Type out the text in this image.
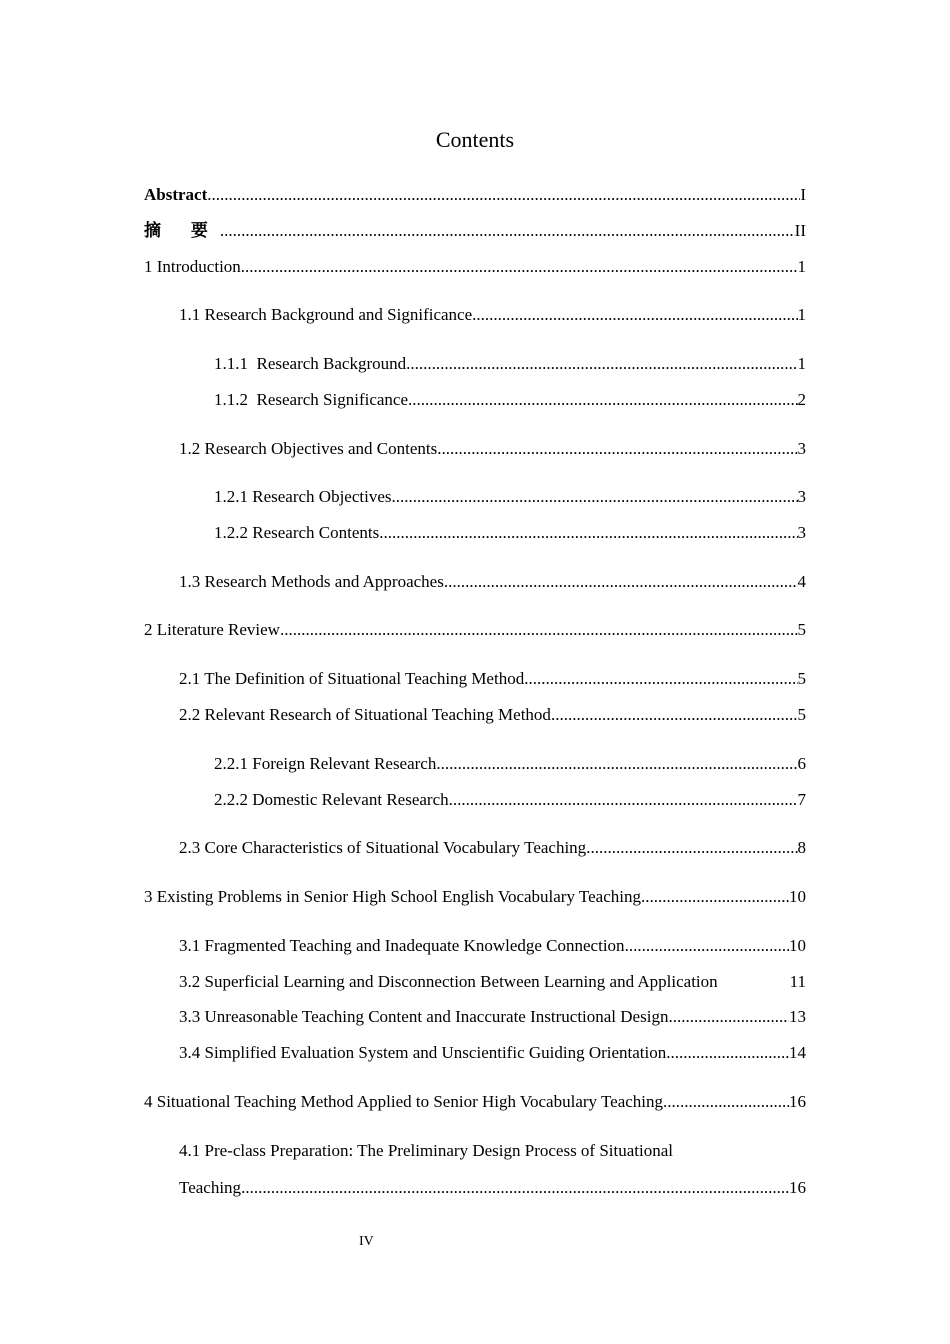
Contents
Abstract .....	I
摘 要 .....	II
1 Introduction .....	1
1.1 Research Background and Significance .....	1
1.1.1  Research Background .....	1
1.1.2  Research Significance .....	2
1.2 Research Objectives and Contents .....	3
1.2.1 Research Objectives .....	3
1.2.2 Research Contents .....	3
1.3 Research Methods and Approaches .....	4
2 Literature Review .....	5
2.1 The Definition of Situational Teaching Method .....	5
2.2 Relevant Research of Situational Teaching Method .....	5
2.2.1 Foreign Relevant Research .....	6
2.2.2 Domestic Relevant Research .....	7
2.3 Core Characteristics of Situational Vocabulary Teaching .....	8
3 Existing Problems in Senior High School English Vocabulary Teaching .....	10
3.1 Fragmented Teaching and Inadequate Knowledge Connection .....	10
3.2 Superficial Learning and Disconnection Between Learning and Application	11
3.3 Unreasonable Teaching Content and Inaccurate Instructional Design .....	13
3.4 Simplified Evaluation System and Unscientific Guiding Orientation .....	14
4 Situational Teaching Method Applied to Senior High Vocabulary Teaching .....	16
4.1 Pre-class Preparation: The Preliminary Design Process of Situational
Teaching .....	16
IV
